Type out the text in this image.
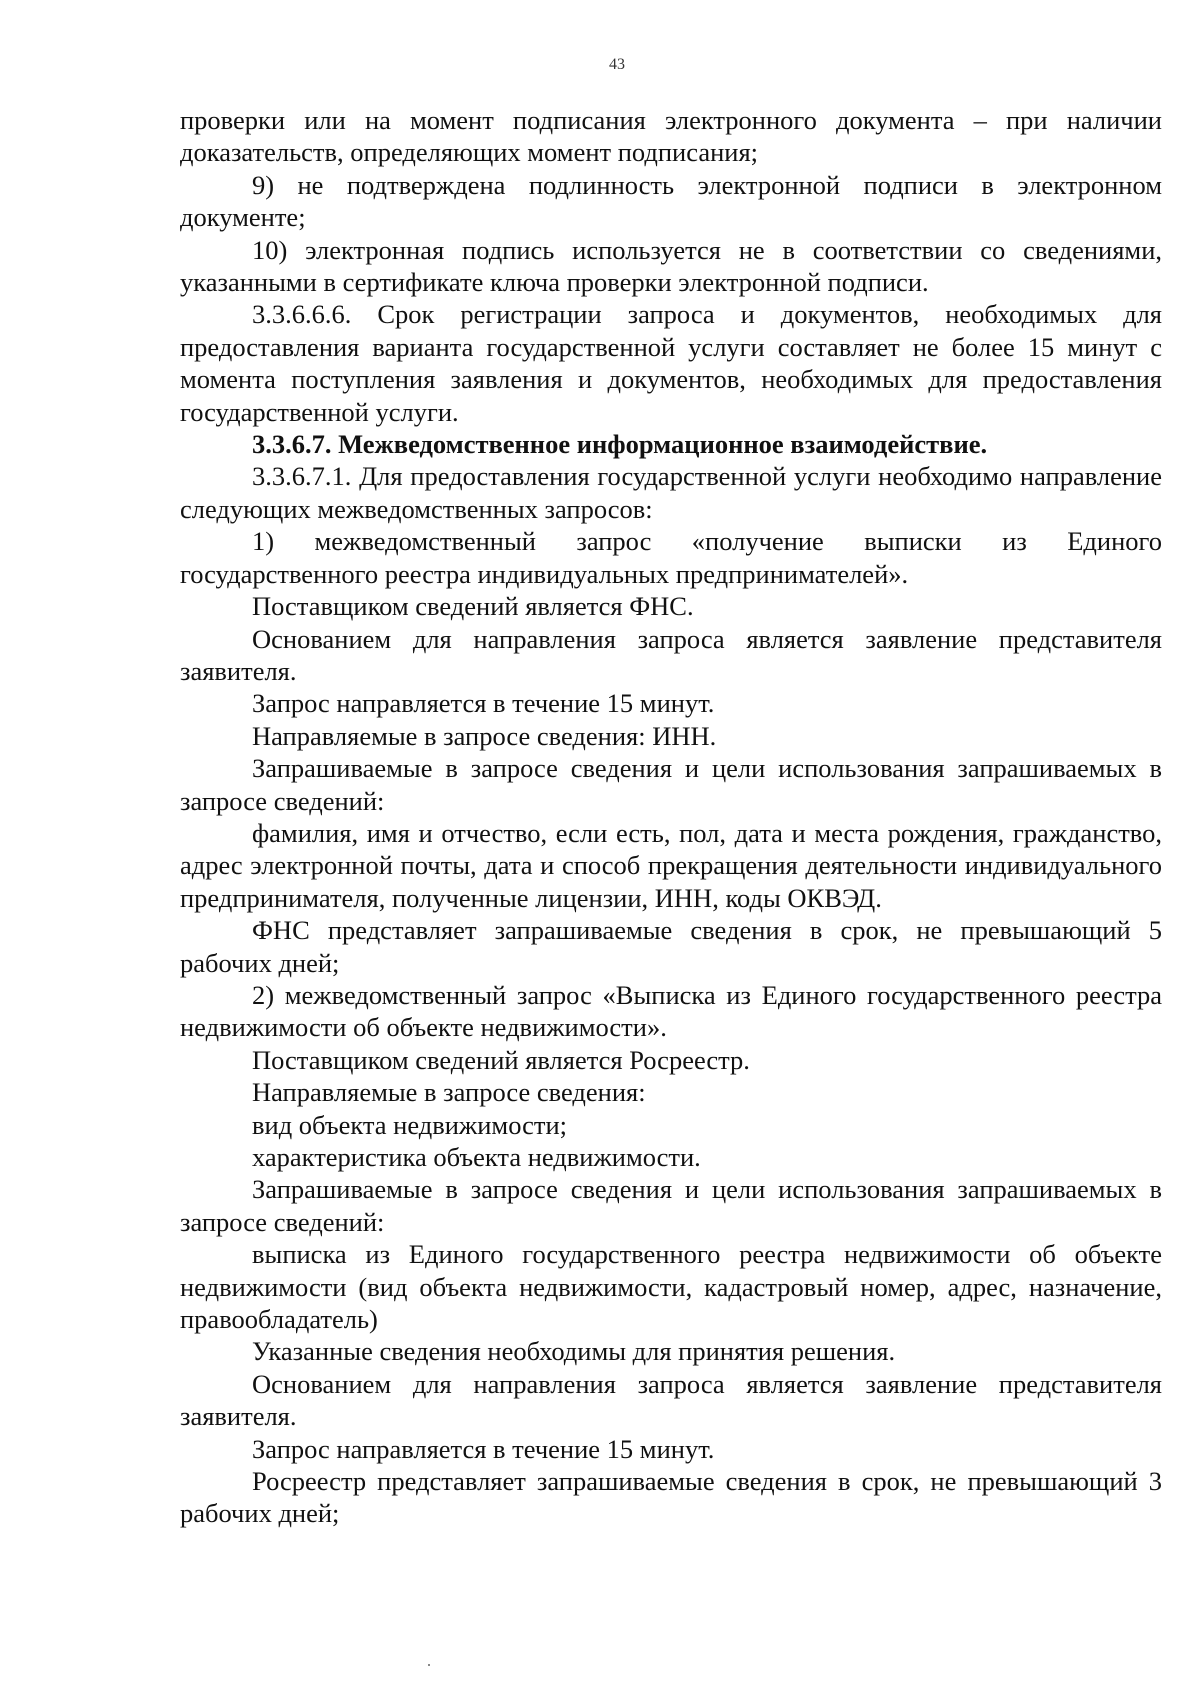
43

проверки или на момент подписания электронного документа – при наличии доказательств, определяющих момент подписания;

9) не подтверждена подлинность электронной подписи в электронном документе;

10) электронная подпись используется не в соответствии со сведениями, указанными в сертификате ключа проверки электронной подписи.

3.3.6.6.6. Срок регистрации запроса и документов, необходимых для предоставления варианта государственной услуги составляет не более 15 минут с момента поступления заявления и документов, необходимых для предоставления государственной услуги.

3.3.6.7. Межведомственное информационное взаимодействие.

3.3.6.7.1. Для предоставления государственной услуги необходимо направление следующих межведомственных запросов:

1) межведомственный запрос «получение выписки из Единого государственного реестра индивидуальных предпринимателей».

Поставщиком сведений является ФНС.

Основанием для направления запроса является заявление представителя заявителя.

Запрос направляется в течение 15 минут.

Направляемые в запросе сведения: ИНН.

Запрашиваемые в запросе сведения и цели использования запрашиваемых в запросе сведений:

фамилия, имя и отчество, если есть, пол, дата и места рождения, гражданство, адрес электронной почты, дата и способ прекращения деятельности индивидуального предпринимателя, полученные лицензии, ИНН, коды ОКВЭД.

ФНС представляет запрашиваемые сведения в срок, не превышающий 5 рабочих дней;

2) межведомственный запрос «Выписка из Единого государственного реестра недвижимости об объекте недвижимости».

Поставщиком сведений является Росреестр.

Направляемые в запросе сведения:

вид объекта недвижимости;

характеристика объекта недвижимости.

Запрашиваемые в запросе сведения и цели использования запрашиваемых в запросе сведений:

выписка из Единого государственного реестра недвижимости об объекте недвижимости (вид объекта недвижимости, кадастровый номер, адрес, назначение, правообладатель)

Указанные сведения необходимы для принятия решения.

Основанием для направления запроса является заявление представителя заявителя.

Запрос направляется в течение 15 минут.

Росреестр представляет запрашиваемые сведения в срок, не превышающий 3 рабочих дней;
